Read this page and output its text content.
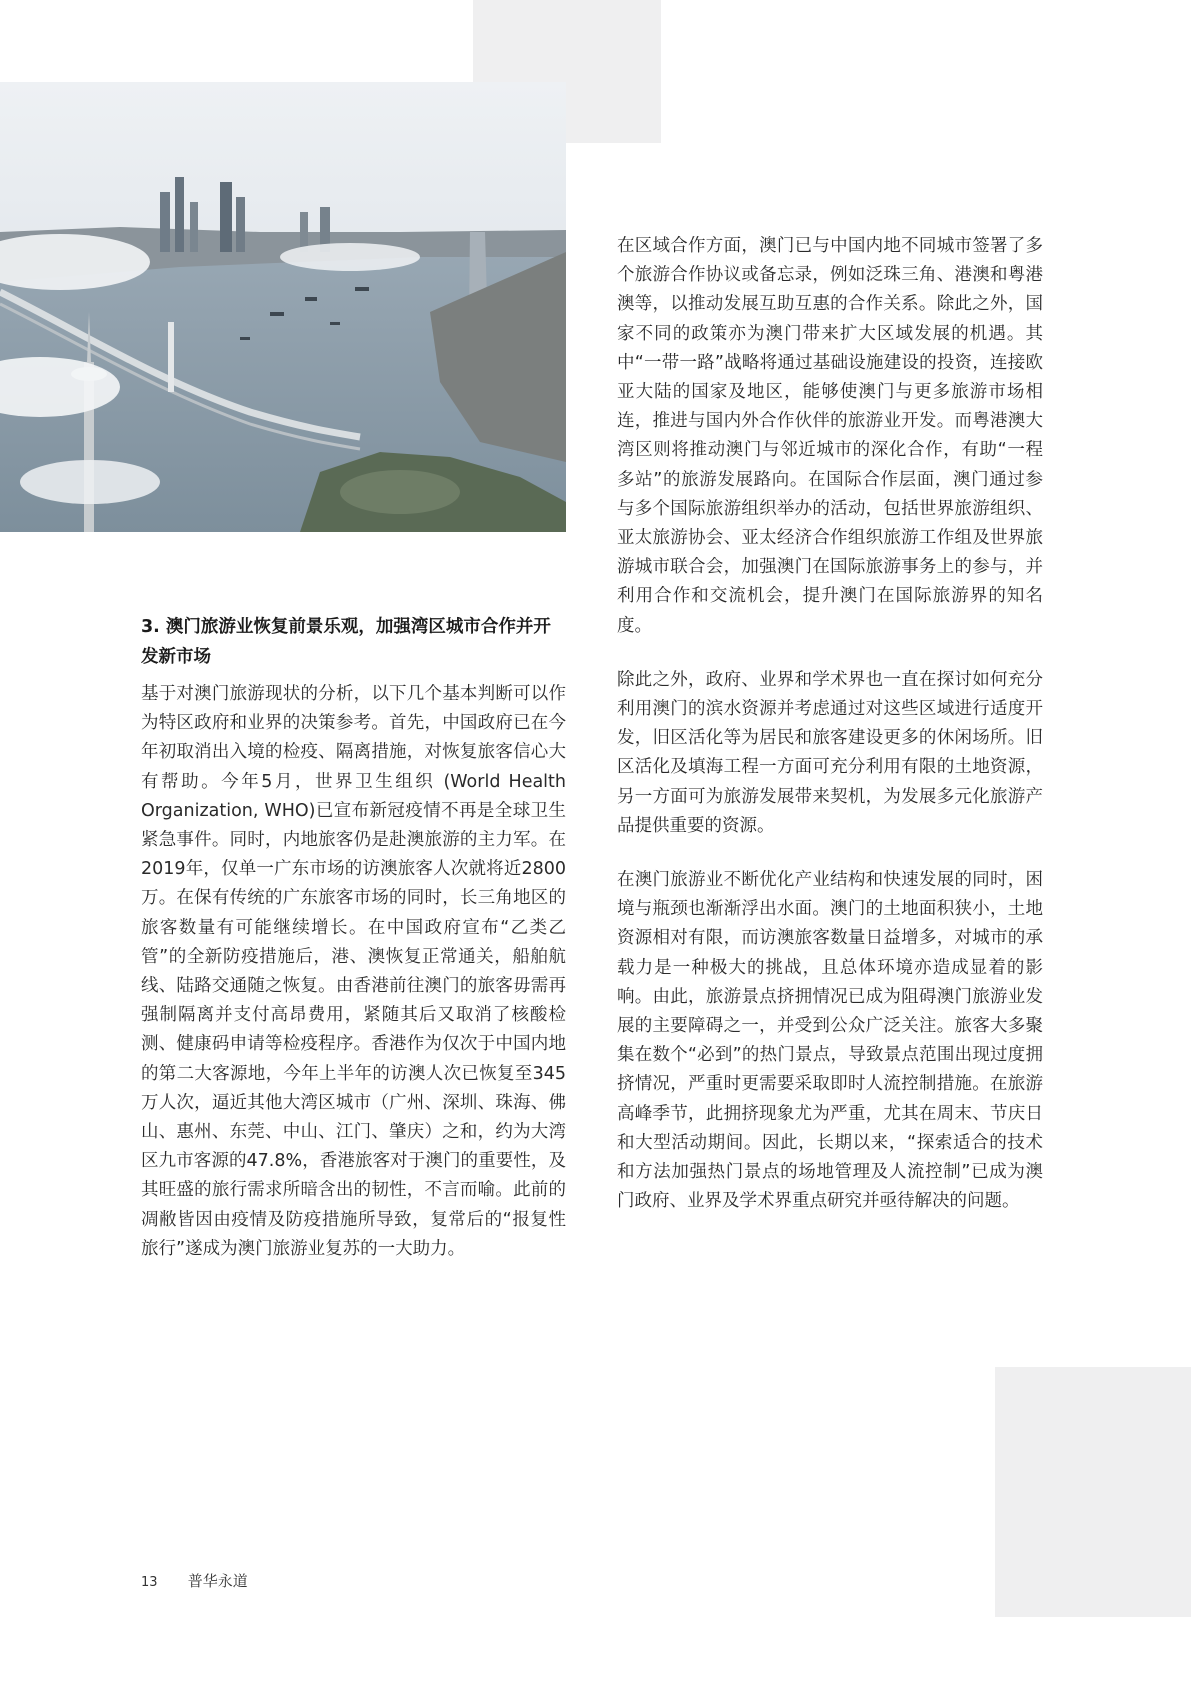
3. 澳门旅游业恢复前景乐观，加强湾区城市合作并开发新市场

基于对澳门旅游现状的分析，以下几个基本判断可以作为特区政府和业界的决策参考。首先，中国政府已在今年初取消出入境的检疫、隔离措施，对恢复旅客信心大有帮助。今年5月，世界卫生组织 (World Health Organization, WHO)已宣布新冠疫情不再是全球卫生紧急事件。同时，内地旅客仍是赴澳旅游的主力军。在2019年，仅单一广东市场的访澳旅客人次就将近2800万。在保有传统的广东旅客市场的同时，长三角地区的旅客数量有可能继续增长。在中国政府宣布“乙类乙管”的全新防疫措施后，港、澳恢复正常通关，船舶航线、陆路交通随之恢复。由香港前往澳门的旅客毋需再强制隔离并支付高昂费用，紧随其后又取消了核酸检测、健康码申请等检疫程序。香港作为仅次于中国内地的第二大客源地，今年上半年的访澳人次已恢复至345万人次，逼近其他大湾区城市（广州、深圳、珠海、佛山、惠州、东莞、中山、江门、肇庆）之和，约为大湾区九市客源的47.8%，香港旅客对于澳门的重要性，及其旺盛的旅行需求所暗含出的韧性，不言而喻。此前的凋敝皆因由疫情及防疫措施所导致，复常后的“报复性旅行”遂成为澳门旅游业复苏的一大助力。

在区域合作方面，澳门已与中国内地不同城市签署了多个旅游合作协议或备忘录，例如泛珠三角、港澳和粤港澳等，以推动发展互助互惠的合作关系。除此之外，国家不同的政策亦为澳门带来扩大区域发展的机遇。其中“一带一路”战略将通过基础设施建设的投资，连接欧亚大陆的国家及地区，能够使澳门与更多旅游市场相连，推进与国内外合作伙伴的旅游业开发。而粤港澳大湾区则将推动澳门与邻近城市的深化合作，有助“一程多站”的旅游发展路向。在国际合作层面，澳门通过参与多个国际旅游组织举办的活动，包括世界旅游组织、亚太旅游协会、亚太经济合作组织旅游工作组及世界旅游城市联合会，加强澳门在国际旅游事务上的参与，并利用合作和交流机会，提升澳门在国际旅游界的知名度。

除此之外，政府、业界和学术界也一直在探讨如何充分利用澳门的滨水资源并考虑通过对这些区域进行适度开发，旧区活化等为居民和旅客建设更多的休闲场所。旧区活化及填海工程一方面可充分利用有限的土地资源，另一方面可为旅游发展带来契机，为发展多元化旅游产品提供重要的资源。

在澳门旅游业不断优化产业结构和快速发展的同时，困境与瓶颈也渐渐浮出水面。澳门的土地面积狭小，土地资源相对有限，而访澳旅客数量日益增多，对城市的承载力是一种极大的挑战，且总体环境亦造成显着的影响。由此，旅游景点挤拥情况已成为阻碍澳门旅游业发展的主要障碍之一，并受到公众广泛关注。旅客大多聚集在数个“必到”的热门景点，导致景点范围出现过度拥挤情况，严重时更需要采取即时人流控制措施。在旅游高峰季节，此拥挤现象尤为严重，尤其在周末、节庆日和大型活动期间。因此，长期以来，“探索适合的技术和方法加强热门景点的场地管理及人流控制”已成为澳门政府、业界及学术界重点研究并亟待解决的问题。

13 普华永道
